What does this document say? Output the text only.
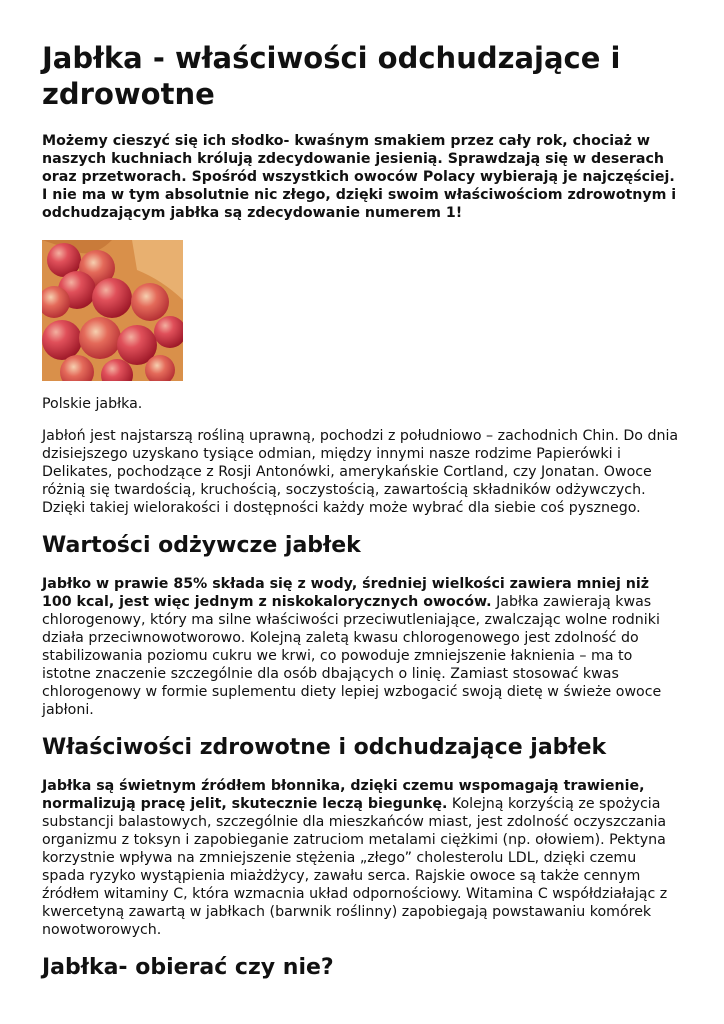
Jabłka - właściwości odchudzające i zdrowotne

Możemy cieszyć się ich słodko- kwaśnym smakiem przez cały rok, chociaż w naszych kuchniach królują zdecydowanie jesienią. Sprawdzają się w deserach oraz przetworach. Spośród wszystkich owoców Polacy wybierają je najczęściej. I nie ma w tym absolutnie nic złego, dzięki swoim właściwościom zdrowotnym i odchudzającym jabłka są zdecydowanie numerem 1!

Polskie jabłka.

Jabłoń jest najstarszą rośliną uprawną, pochodzi z południowo – zachodnich Chin. Do dnia dzisiejszego uzyskano tysiące odmian, między innymi nasze rodzime Papierówki i Delikates, pochodzące z Rosji Antonówki, amerykańskie Cortland, czy Jonatan. Owoce różnią się twardością, kruchością, soczystością, zawartością składników odżywczych. Dzięki takiej wielorakości i dostępności każdy może wybrać dla siebie coś pysznego.

Wartości odżywcze jabłek

Jabłko w prawie 85% składa się z wody, średniej wielkości zawiera mniej niż 100 kcal, jest więc jednym z niskokalorycznych owoców. Jabłka zawierają kwas chlorogenowy, który ma silne właściwości przeciwutleniające, zwalczając wolne rodniki działa przeciwnowotworowo. Kolejną zaletą kwasu chlorogenowego jest zdolność do stabilizowania poziomu cukru we krwi, co powoduje zmniejszenie łaknienia – ma to istotne znaczenie szczególnie dla osób dbających o linię. Zamiast stosować kwas chlorogenowy w formie suplementu diety lepiej wzbogacić swoją dietę w świeże owoce jabłoni.

Właściwości zdrowotne i odchudzające jabłek

Jabłka są świetnym źródłem błonnika, dzięki czemu wspomagają trawienie, normalizują pracę jelit, skutecznie leczą biegunkę. Kolejną korzyścią ze spożycia substancji balastowych, szczególnie dla mieszkańców miast, jest zdolność oczyszczania organizmu z toksyn i zapobieganie zatruciom metalami ciężkimi (np. ołowiem). Pektyna korzystnie wpływa na zmniejszenie stężenia „złego” cholesterolu LDL, dzięki czemu spada ryzyko wystąpienia miażdżycy, zawału serca. Rajskie owoce są także cennym źródłem witaminy C, która wzmacnia układ odpornościowy. Witamina C współdziałając z kwercetyną zawartą w jabłkach (barwnik roślinny) zapobiegają powstawaniu komórek nowotworowych.

Jabłka- obierać czy nie?
